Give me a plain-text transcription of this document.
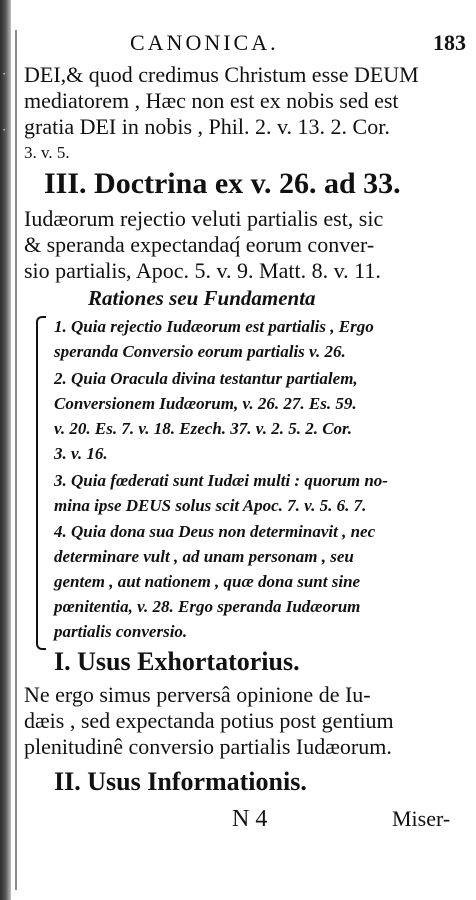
·
·
CANONICA.	183
DEI,& quod credimus Christum esse DEUM
mediatorem , Hæc non est ex nobis sed est
gratia DEI in nobis , Phil. 2. v. 13. 2. Cor.
3. v. 5.
III. Doctrina ex v. 26. ad 33.
Iudæorum rejectio veluti partialis est, sic
& speranda expectandaq́ eorum conver-
sio partialis, Apoc. 5. v. 9. Matt. 8. v. 11.
Rationes seu Fundamenta
1. Quia rejectio Iudæorum est partialis , Ergo
speranda Conversio eorum partialis v. 26.
2. Quia Oracula divina testantur partialem,
Conversionem Iudæorum, v. 26. 27. Es. 59.
v. 20. Es. 7. v. 18. Ezech. 37. v. 2. 5. 2. Cor.
3. v. 16.
3. Quia fœderati sunt Iudæi multi : quorum no-
mina ipse DEUS solus scit Apoc. 7. v. 5. 6. 7.
4. Quia dona sua Deus non determinavit , nec
determinare vult , ad unam personam , seu
gentem , aut nationem , quæ dona sunt sine
pœnitentia, v. 28. Ergo speranda Iudæorum
partialis conversio.
I. Usus Exhortatorius.
Ne ergo simus perversâ opinione de Iu-
dæis , sed expectanda potius post gentium
plenitudinê conversio partialis Iudæorum.
II. Usus Informationis.
N 4	Miser-
